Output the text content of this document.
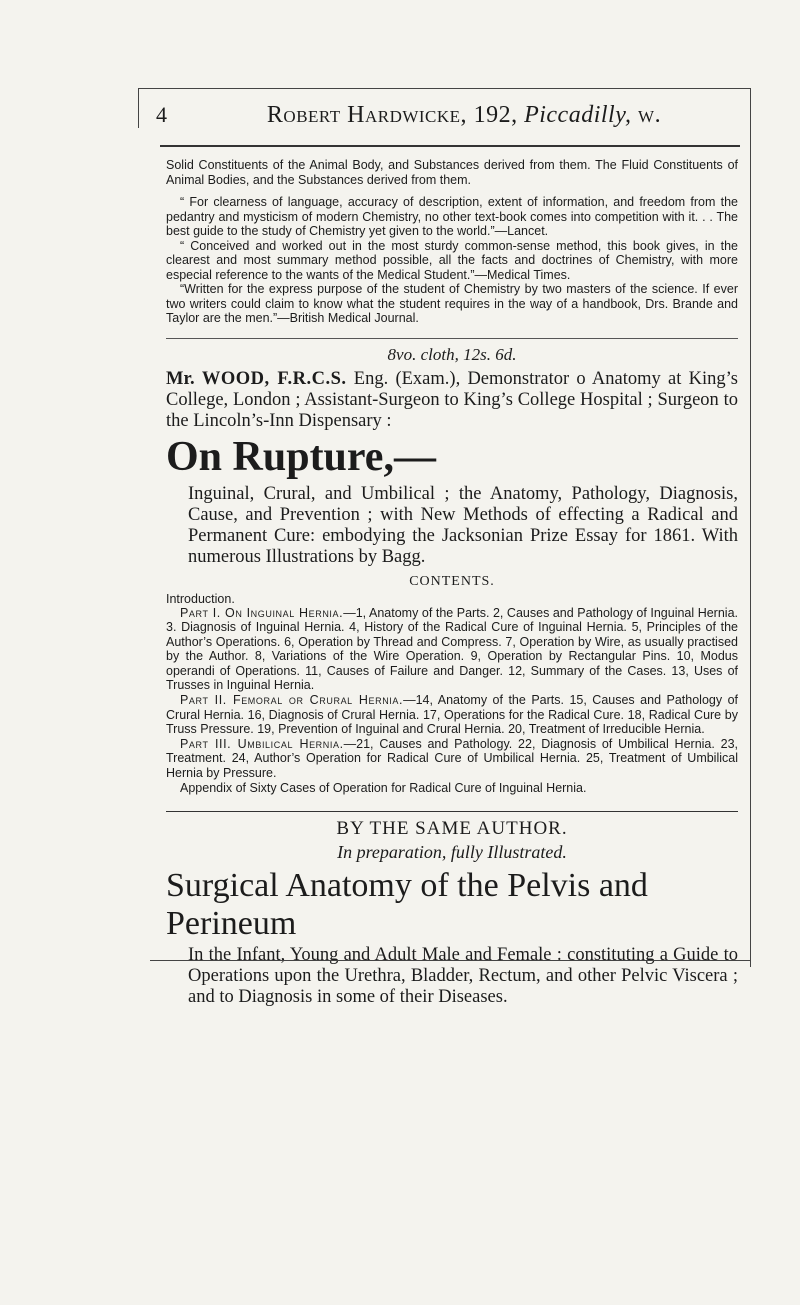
4	Robert Hardwicke, 192, Piccadilly, w.

Solid Constituents of the Animal Body, and Substances derived from them. The Fluid Constituents of Animal Bodies, and the Substances derived from them.

“ For clearness of language, accuracy of description, extent of information, and freedom from the pedantry and mysticism of modern Chemistry, no other text-book comes into competition with it. . . The best guide to the study of Chemistry yet given to the world.”—Lancet.

“ Conceived and worked out in the most sturdy common-sense method, this book gives, in the clearest and most summary method possible, all the facts and doctrines of Chemistry, with more especial reference to the wants of the Medical Student.”—Medical Times.

“Written for the express purpose of the student of Chemistry by two masters of the science. If ever two writers could claim to know what the student requires in the way of a handbook, Drs. Brande and Taylor are the men.”—British Medical Journal.

8vo. cloth, 12s. 6d.

Mr. WOOD, F.R.C.S. Eng. (Exam.), Demonstrator o Anatomy at King’s College, London ; Assistant-Surgeon to King’s College Hospital ; Surgeon to the Lincoln’s-Inn Dispensary :

On Rupture,—

Inguinal, Crural, and Umbilical ; the Anatomy, Pathology, Diagnosis, Cause, and Prevention ; with New Methods of effecting a Radical and Permanent Cure: embodying the Jacksonian Prize Essay for 1861. With numerous Illustrations by Bagg.

CONTENTS.

Introduction.

Part I. On Inguinal Hernia.—1, Anatomy of the Parts. 2, Causes and Pathology of Inguinal Hernia. 3. Diagnosis of Inguinal Hernia. 4, History of the Radical Cure of Inguinal Hernia. 5, Principles of the Author’s Operations. 6, Operation by Thread and Compress. 7, Operation by Wire, as usually practised by the Author. 8, Variations of the Wire Operation. 9, Operation by Rectangular Pins. 10, Modus operandi of Operations. 11, Causes of Failure and Danger. 12, Summary of the Cases. 13, Uses of Trusses in Inguinal Hernia.

Part II. Femoral or Crural Hernia.—14, Anatomy of the Parts. 15, Causes and Pathology of Crural Hernia. 16, Diagnosis of Crural Hernia. 17, Operations for the Radical Cure. 18, Radical Cure by Truss Pressure. 19, Prevention of Inguinal and Crural Hernia. 20, Treatment of Irreducible Hernia.

Part III. Umbilical Hernia.—21, Causes and Pathology. 22, Diagnosis of Umbilical Hernia. 23, Treatment. 24, Author’s Operation for Radical Cure of Umbilical Hernia. 25, Treatment of Umbilical Hernia by Pressure.

Appendix of Sixty Cases of Operation for Radical Cure of Inguinal Hernia.

BY THE SAME AUTHOR.

In preparation, fully Illustrated.

Surgical Anatomy of the Pelvis and Perineum

In the Infant, Young and Adult Male and Female : constituting a Guide to Operations upon the Urethra, Bladder, Rectum, and other Pelvic Viscera ; and to Diagnosis in some of their Diseases.
